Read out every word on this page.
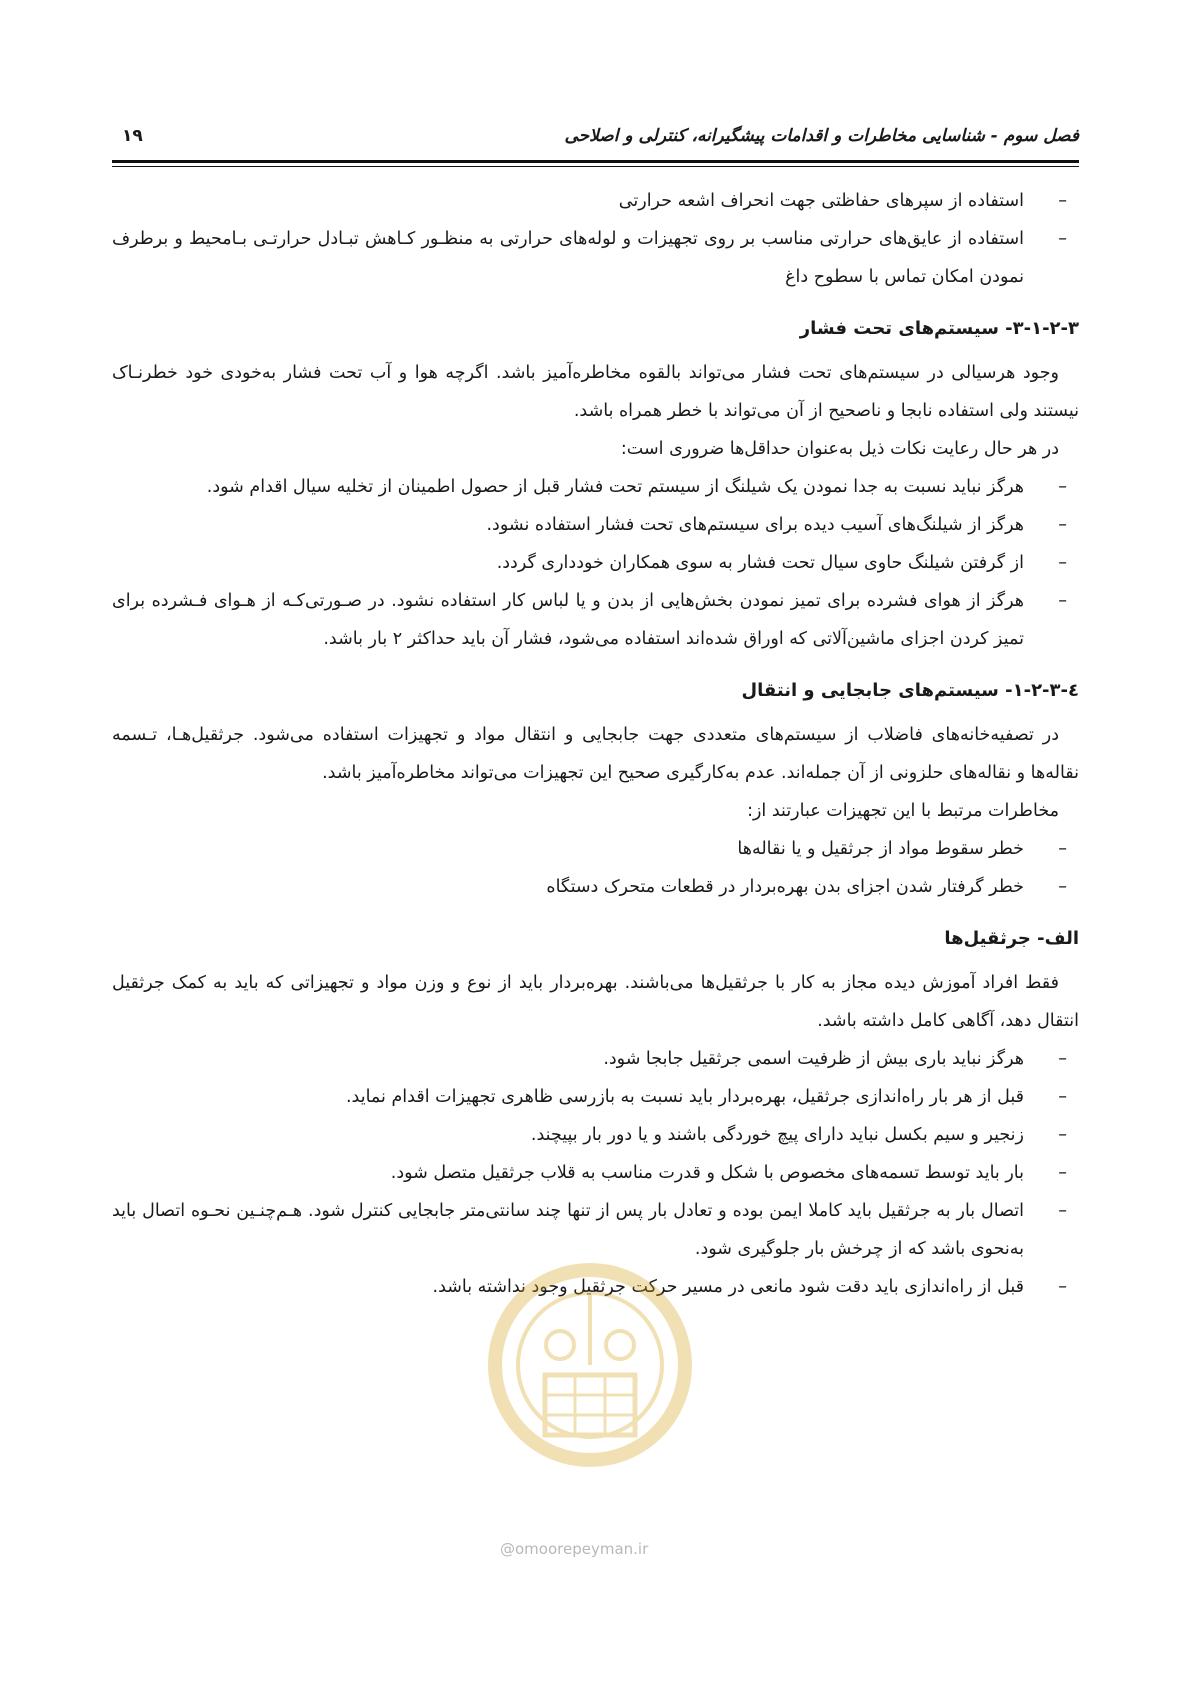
فصل سوم - شناسایی مخاطرات و اقدامات پیشگیرانه، کنترلی و اصلاحی
۱۹
–
استفاده از سپرهای حفاظتی جهت انحراف اشعه حرارتی
–
استفاده از عایق‌های حرارتی مناسب بر روی تجهیزات و لوله‌های حرارتی به منظـور کـاهش تبـادل حرارتـی بـامحیط و برطرف نمودن امکان تماس با سطوح داغ
۳-۱-۲-۳- سیستم‌های تحت فشار
وجود هرسیالی در سیستم‌های تحت فشار می‌تواند بالقوه مخاطره‌آمیز باشد. اگرچه هوا و آب تحت فشار به‌خودی خود خطرنـاک نیستند ولی استفاده نابجا و ناصحیح از آن می‌تواند با خطر همراه باشد.
در هر حال رعایت نکات ذیل به‌عنوان حداقل‌ها ضروری است:
–
هرگز نباید نسبت به جدا نمودن یک شیلنگ از سیستم تحت فشار قبل از حصول اطمینان از تخلیه سیال اقدام شود.
–
هرگز از شیلنگ‌های آسیب دیده برای سیستم‌های تحت فشار استفاده نشود.
–
از گرفتن شیلنگ حاوی سیال تحت فشار به سوی همکاران خودداری گردد.
–
هرگز از هوای فشرده برای تمیز نمودن بخش‌هایی از بدن و یا لباس کار استفاده نشود. در صـورتی‌کـه از هـوای فـشرده برای تمیز کردن اجزای ماشین‌آلاتی که اوراق شده‌اند استفاده می‌شود، فشار آن باید حداکثر ۲ بار باشد.
٤-۱-۲-۳- سیستم‌های جابجایی و انتقال
در تصفیه‌خانه‌های فاضلاب از سیستم‌های متعددی جهت جابجایی و انتقال مواد و تجهیزات استفاده می‌شود. جرثقیل‌هـا، تـسمه نقاله‌ها و نقاله‌های حلزونی از آن جمله‌اند. عدم به‌کارگیری صحیح این تجهیزات می‌تواند مخاطره‌آمیز باشد.
مخاطرات مرتبط با این تجهیزات عبارتند از:
–
خطر سقوط مواد از جرثقیل و یا نقاله‌ها
–
خطر گرفتار شدن اجزای بدن بهره‌بردار در قطعات متحرک دستگاه
الف- جرثقیل‌ها
فقط افراد آموزش دیده مجاز به کار با جرثقیل‌ها می‌باشند. بهره‌بردار باید از نوع و وزن مواد و تجهیزاتی که باید به کمک جرثقیل انتقال دهد، آگاهی کامل داشته باشد.
–
هرگز نباید باری بیش از ظرفیت اسمی جرثقیل جابجا شود.
–
قبل از هر بار راه‌اندازی جرثقیل، بهره‌بردار باید نسبت به بازرسی ظاهری تجهیزات اقدام نماید.
–
زنجیر و سیم بکسل نباید دارای پیچ خوردگی باشند و یا دور بار بپیچند.
–
بار باید توسط تسمه‌های مخصوص با شکل و قدرت مناسب به قلاب جرثقیل متصل شود.
–
اتصال بار به جرثقیل باید کاملا ایمن بوده و تعادل بار پس از تنها چند سانتی‌متر جابجایی کنترل شود. هـم‌چنـین نحـوه اتصال باید به‌نحوی باشد که از چرخش بار جلوگیری شود.
–
قبل از راه‌اندازی باید دقت شود مانعی در مسیر حرکت جرثقیل وجود نداشته باشد.
@omoorepeyman.ir
